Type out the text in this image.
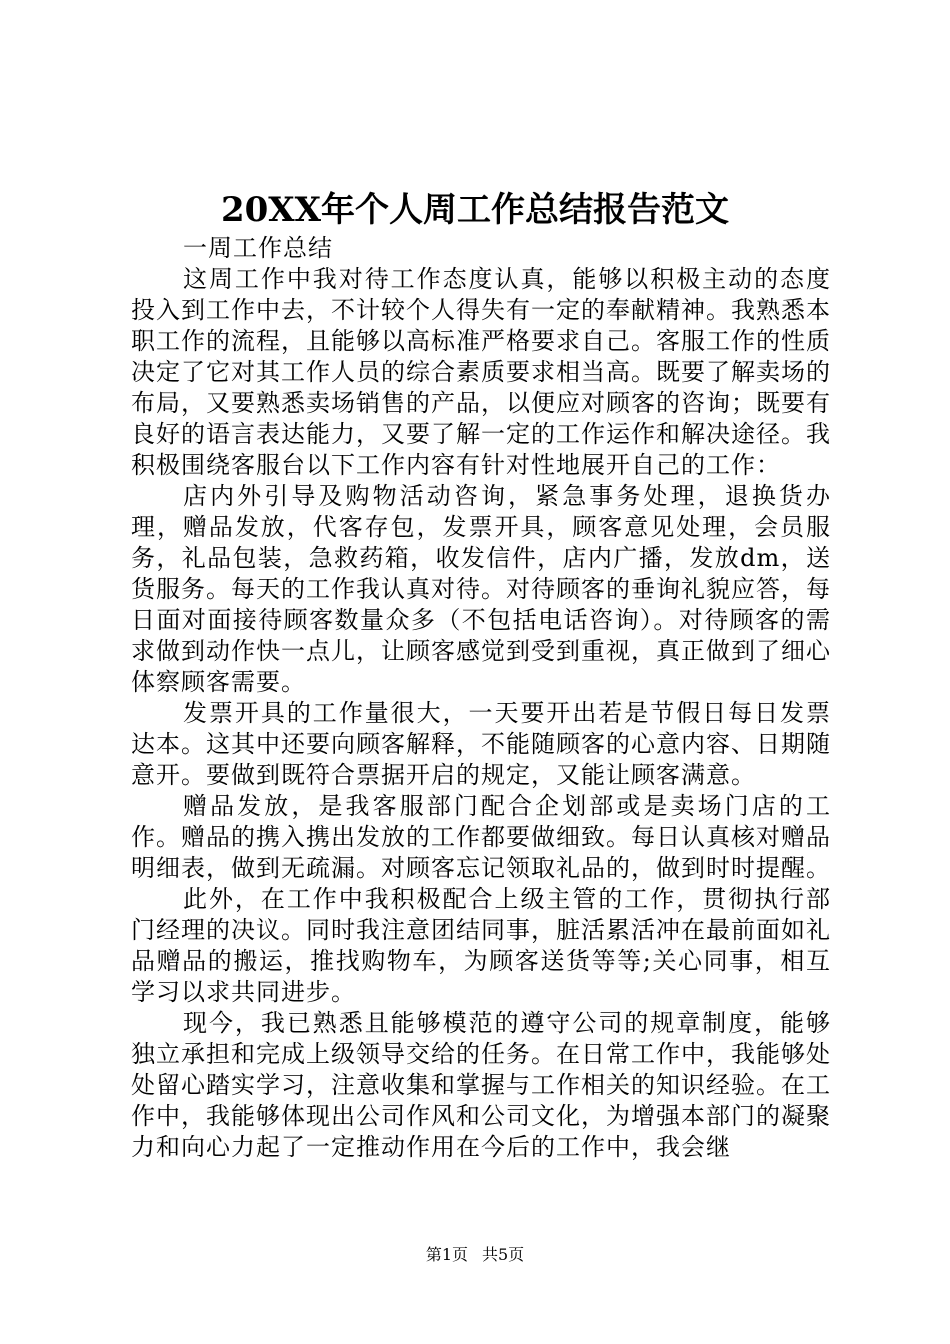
20XX年个人周工作总结报告范文

一周工作总结

这周工作中我对待工作态度认真，能够以积极主动的态度投入到工作中去，不计较个人得失有一定的奉献精神。我熟悉本职工作的流程，且能够以高标准严格要求自己。客服工作的性质决定了它对其工作人员的综合素质要求相当高。既要了解卖场的布局，又要熟悉卖场销售的产品，以便应对顾客的咨询；既要有良好的语言表达能力，又要了解一定的工作运作和解决途径。我积极围绕客服台以下工作内容有针对性地展开自己的工作：

店内外引导及购物活动咨询，紧急事务处理，退换货办理，赠品发放，代客存包，发票开具，顾客意见处理，会员服务，礼品包装，急救药箱，收发信件，店内广播，发放dm，送货服务。每天的工作我认真对待。对待顾客的垂询礼貌应答，每日面对面接待顾客数量众多（不包括电话咨询）。对待顾客的需求做到动作快一点儿，让顾客感觉到受到重视，真正做到了细心体察顾客需要。

发票开具的工作量很大，一天要开出若是节假日每日发票达本。这其中还要向顾客解释，不能随顾客的心意内容、日期随意开。要做到既符合票据开启的规定，又能让顾客满意。

赠品发放，是我客服部门配合企划部或是卖场门店的工作。赠品的携入携出发放的工作都要做细致。每日认真核对赠品明细表，做到无疏漏。对顾客忘记领取礼品的，做到时时提醒。

此外，在工作中我积极配合上级主管的工作，贯彻执行部门经理的决议。同时我注意团结同事，脏活累活冲在最前面如礼品赠品的搬运，推找购物车，为顾客送货等等;关心同事，相互学习以求共同进步。

现今，我已熟悉且能够模范的遵守公司的规章制度，能够独立承担和完成上级领导交给的任务。在日常工作中，我能够处处留心踏实学习，注意收集和掌握与工作相关的知识经验。在工作中，我能够体现出公司作风和公司文化，为增强本部门的凝聚力和向心力起了一定推动作用在今后的工作中，我会继

第1页 共5页
